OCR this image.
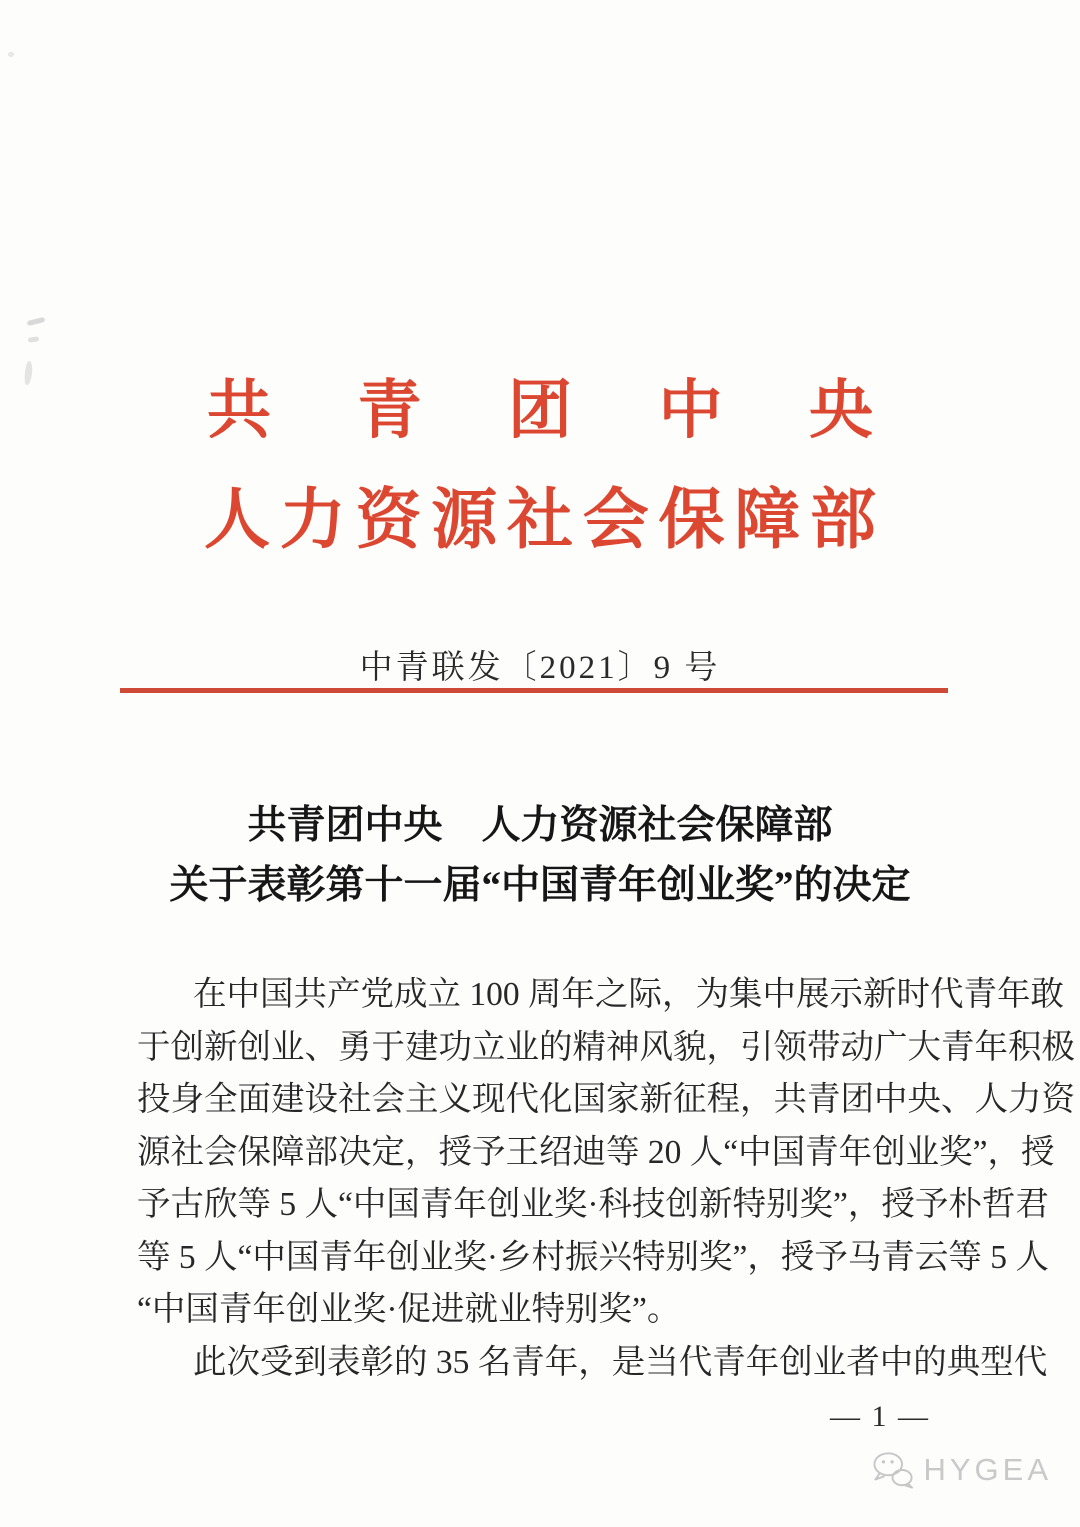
共 青 团 中 央
人 力 资 源 社 会 保 障 部
中青联发〔2021〕9 号
共青团中央　人力资源社会保障部
关于表彰第十一届“中国青年创业奖”的决定
在中国共产党成立 100 周年之际，为集中展示新时代青年敢
于创新创业、勇于建功立业的精神风貌，引领带动广大青年积极
投身全面建设社会主义现代化国家新征程，共青团中央、人力资
源社会保障部决定，授予王绍迪等 20 人“中国青年创业奖”，授
予古欣等 5 人“中国青年创业奖·科技创新特别奖”，授予朴哲君
等 5 人“中国青年创业奖·乡村振兴特别奖”，授予马青云等 5 人
“中国青年创业奖·促进就业特别奖”。
此次受到表彰的 35 名青年，是当代青年创业者中的典型代
— 1 —
HYGEA
